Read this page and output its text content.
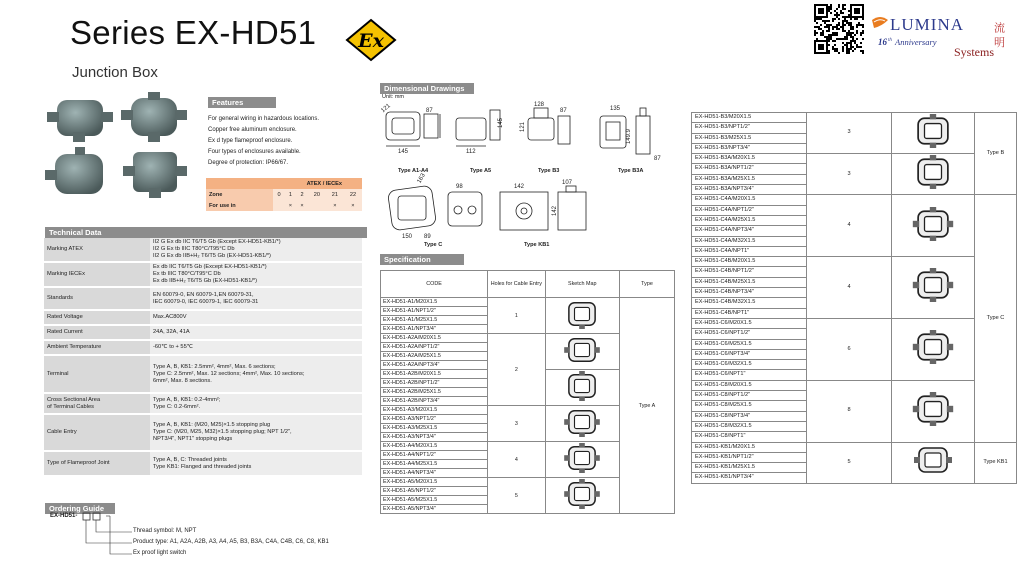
Series EX-HD51
Junction Box
Ex
LUMINA
16 th Anniversary
Systems
流 明
Features
For general wiring in hazardous locations.
Copper free aluminum enclosure.
Ex d type flameproof enclosure.
Four types of enclosures available.
Degree of protection: IP66/67.
ATEX / IECEx						
Zone	0	1	2	20	21	22
For use in		×	×		×	×
Technical Data
Marking ATEX	II2 G Ex db IIC T6/T5 Gb (Except EX-HD51-KB1/*)
II2 G Ex tb IIIC T80°C/T95°C Db
II2 G Ex db IIB+H₂ T6/T5 Gb (EX-HD51-KB1/*)
Marking IECEx	Ex db IIC T6/T5 Gb (Except EX-HD51-KB1/*)
Ex tb IIIC T80°C/T95°C Db
Ex db IIB+H₂ T6/T5 Gb (EX-HD51-KB1/*)
Standards	EN 60079-0, EN 60079-1,EN 60079-31,
IEC 60079-0, IEC 60079-1, IEC 60079-31
Rated Voltage	Max.AC800V
Rated Current	24A, 32A, 41A
Ambient Temperature	-60℃ to + 55℃
Terminal	Type A, B, KB1: 2.5mm², 4mm², Max. 6 sections;
Type C: 2.5mm², Max. 12 sections; 4mm², Max. 10 sections;
6mm², Max. 8 sections.
Cross Sectional Area
of Terminal Cables	Type A, B, KB1: 0.2-4mm²;
Type C: 0.2-6mm².
Cable Entry	Type A, B, KB1: (M20, M25)×1.5 stopping plug
Type C: (M20, M25, M32)×1.5 stopping plug; NPT 1/2",
NPT3/4", NPT1" stopping plugs
Type of Flameproof Joint	Type A, B, C: Threaded joints
Type KB1: Flanged and threaded joints
Ordering Guide
EX-HD51-
Thread symbol: M, NPT
Product type: A1, A2A, A2B, A3, A4, A5, B3, B3A, C4A, C4B, C6, C8, KB1
Ex proof light switch
Dimensional Drawings
Unit: mm
145
121	87
112
145
128
121
87	135
149.9
87
150
98
163
89
142
107
142
Type A1-A4	Type A5	Type B3	Type B3A
Type C	Type KB1
Specification
CODE	Holes for Cable Entry	Sketch Map	Type
EX-HD51-A1/M20X1.5	1		Type A
EX-HD51-A1/NPT1/2"			
EX-HD51-A1/M25X1.5			
EX-HD51-A1/NPT3/4"			
EX-HD51-A2A/M20X1.5	2	
EX-HD51-A2A/NPT1/2"			
EX-HD51-A2A/M25X1.5			
EX-HD51-A2A/NPT3/4"			
EX-HD51-A2B/M20X1.5	
EX-HD51-A2B/NPT1/2"			
EX-HD51-A2B/M25X1.5			
EX-HD51-A2B/NPT3/4"			
EX-HD51-A3/M20X1.5	3	
EX-HD51-A3/NPT1/2"			
EX-HD51-A3/M25X1.5			
EX-HD51-A3/NPT3/4"			
EX-HD51-A4/M20X1.5	4	
EX-HD51-A4/NPT1/2"			
EX-HD51-A4/M25X1.5			
EX-HD51-A4/NPT3/4"			
EX-HD51-A5/M20X1.5	5	
EX-HD51-A5/NPT1/2"			
EX-HD51-A5/M25X1.5			
EX-HD51-A5/NPT3/4"			
EX-HD51-B3/M20X1.5	3		Type B
EX-HD51-B3/NPT1/2"			
EX-HD51-B3/M25X1.5			
EX-HD51-B3/NPT3/4"			
EX-HD51-B3A/M20X1.5	3	
EX-HD51-B3A/NPT1/2"			
EX-HD51-B3A/M25X1.5			
EX-HD51-B3A/NPT3/4"			
EX-HD51-C4A/M20X1.5	4		Type C
EX-HD51-C4A/NPT1/2"			
EX-HD51-C4A/M25X1.5			
EX-HD51-C4A/NPT3/4"			
EX-HD51-C4A/M32X1.5			
EX-HD51-C4A/NPT1"			
EX-HD51-C4B/M20X1.5	4	
EX-HD51-C4B/NPT1/2"			
EX-HD51-C4B/M25X1.5			
EX-HD51-C4B/NPT3/4"			
EX-HD51-C4B/M32X1.5			
EX-HD51-C4B/NPT1"			
EX-HD51-C6/M20X1.5	6	
EX-HD51-C6/NPT1/2"			
EX-HD51-C6/M25X1.5			
EX-HD51-C6/NPT3/4"			
EX-HD51-C6/M32X1.5			
EX-HD51-C6/NPT1"			
EX-HD51-C8/M20X1.5	8	
EX-HD51-C8/NPT1/2"			
EX-HD51-C8/M25X1.5			
EX-HD51-C8/NPT3/4"			
EX-HD51-C8/M32X1.5			
EX-HD51-C8/NPT1"			
EX-HD51-KB1/M20X1.5	5		Type KB1
EX-HD51-KB1/NPT1/2"			
EX-HD51-KB1/M25X1.5			
EX-HD51-KB1/NPT3/4"			
